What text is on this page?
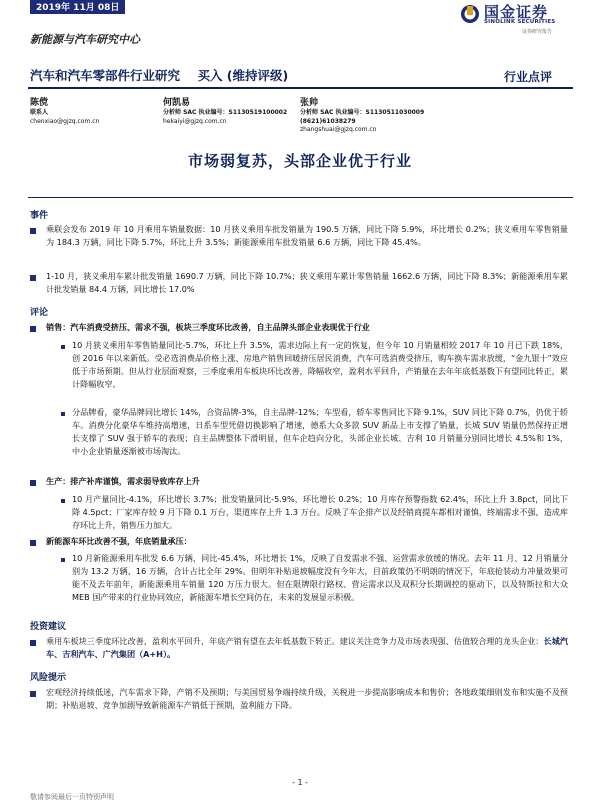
2019年 11月 08日	国金证券
SINOLINK SECURITIES
证券研究报告
新能源与汽车研究中心
汽车和汽车零部件行业研究 买入 (维持评级)	行业点评
陈傥
联系人
chenxiao@gjzq.com.cn
何凯易
分析师 SAC 执业编号：S1130519100002
hekaiyi@gjzq.com.cn
张帅
分析师 SAC 执业编号：S1130511030009
(8621)61038279
zhangshuai@gjzq.com.cn
市场弱复苏，头部企业优于行业
事件
乘联会发布 2019 年 10 月乘用车销量数据：10 月狭义乘用车批发销量为 190.5 万辆，同比下降 5.9%，环比增长 0.2%；狭义乘用车零售销量为 184.3 万辆，同比下降 5.7%，环比上升 3.5%；新能源乘用车批发销量 6.6 万辆，同比下降 45.4%。
1-10 月，狭义乘用车累计批发销量 1690.7 万辆，同比下降 10.7%；狭义乘用车累计零售销量 1662.6 万辆，同比下降 8.3%；新能源乘用车累计批发销量 84.4 万辆，同比增长 17.0%
评论
销售：汽车消费受挤压、需求不强，板块三季度环比改善，自主品牌头部企业表现优于行业
10 月狭义乘用车零售销量同比-5.7%，环比上升 3.5%，需求边际上有一定的恢复，但今年 10 月销量相较 2017 年 10 月已下跌 18%，创 2016 年以来新低。受必选消费品价格上涨、房地产销售回暖挤压居民消费，汽车可选消费受挤压，购车换车需求放缓，“金九银十”效应低于市场预期。但从行业层面观察，三季度乘用车板块环比改善，降幅收窄，盈利水平回升，产销量在去年年底低基数下有望同比转正，累计降幅收窄。
分品牌看，豪华品牌同比增长 14%，合资品牌-3%，自主品牌-12%；车型看，轿车零售同比下降 9.1%，SUV 同比下降 0.7%，仍优于轿车。消费分化豪华车维持高增速，日系车型凭借切换影响了增速，德系大众多款 SUV 新品上市支撑了销量，长城 SUV 销量仍然保持正增长支撑了 SUV 强于轿车的表现；自主品牌整体下滑明显，但车企趋向分化，头部企业长城、吉利 10 月销量分别同比增长 4.5%和 1%，中小企业销量逐渐被市场淘汰。
生产：排产补库谨慎，需求弱导致库存上升
10 月产量同比-4.1%，环比增长 3.7%；批发销量同比-5.9%，环比增长 0.2%；10 月库存预警指数 62.4%，环比上升 3.8pct，同比下降 4.5pct；厂家库存较 9 月下降 0.1 万台，渠道库存上升 1.3 万台。反映了车企排产以及经销商提车都相对谨慎，终端需求不强，造成库存环比上升，销售压力加大。
新能源车环比改善不强，年底销量承压：
10 月新能源乘用车批发 6.6 万辆，同比-45.4%，环比增长 1%，反映了自发需求不强、运营需求放缓的情况。去年 11 月、12 月销量分别为 13.2 万辆、16 万辆，合计占比全年 29%。但明年补贴退坡幅度没有今年大，目前政策仍不明朗的情况下，年底抢装动力冲量效果可能不及去年前年，新能源乘用车销量 120 万压力很大。但在限牌限行路权、营运需求以及双积分长期调控的驱动下，以及特斯拉和大众 MEB 国产带来的行业协同效应，新能源车增长空间仍在，未来的发展显示积极。
投资建议
乘用车板块三季度环比改善，盈利水平回升，年底产销有望在去年低基数下转正。建议关注竞争力及市场表现强、估值较合理的龙头企业：长城汽车、吉利汽车、广汽集团（A+H）。
风险提示
宏观经济持续低迷，汽车需求下降，产销不及预期；与美国贸易争端持续升级，关税进一步提高影响成本和售价；各地政策细则发布和实施不及预期；补贴退坡、竞争加剧导致新能源车产销低于预期，盈利能力下降。
- 1 -
敬请参阅最后一页特别声明
